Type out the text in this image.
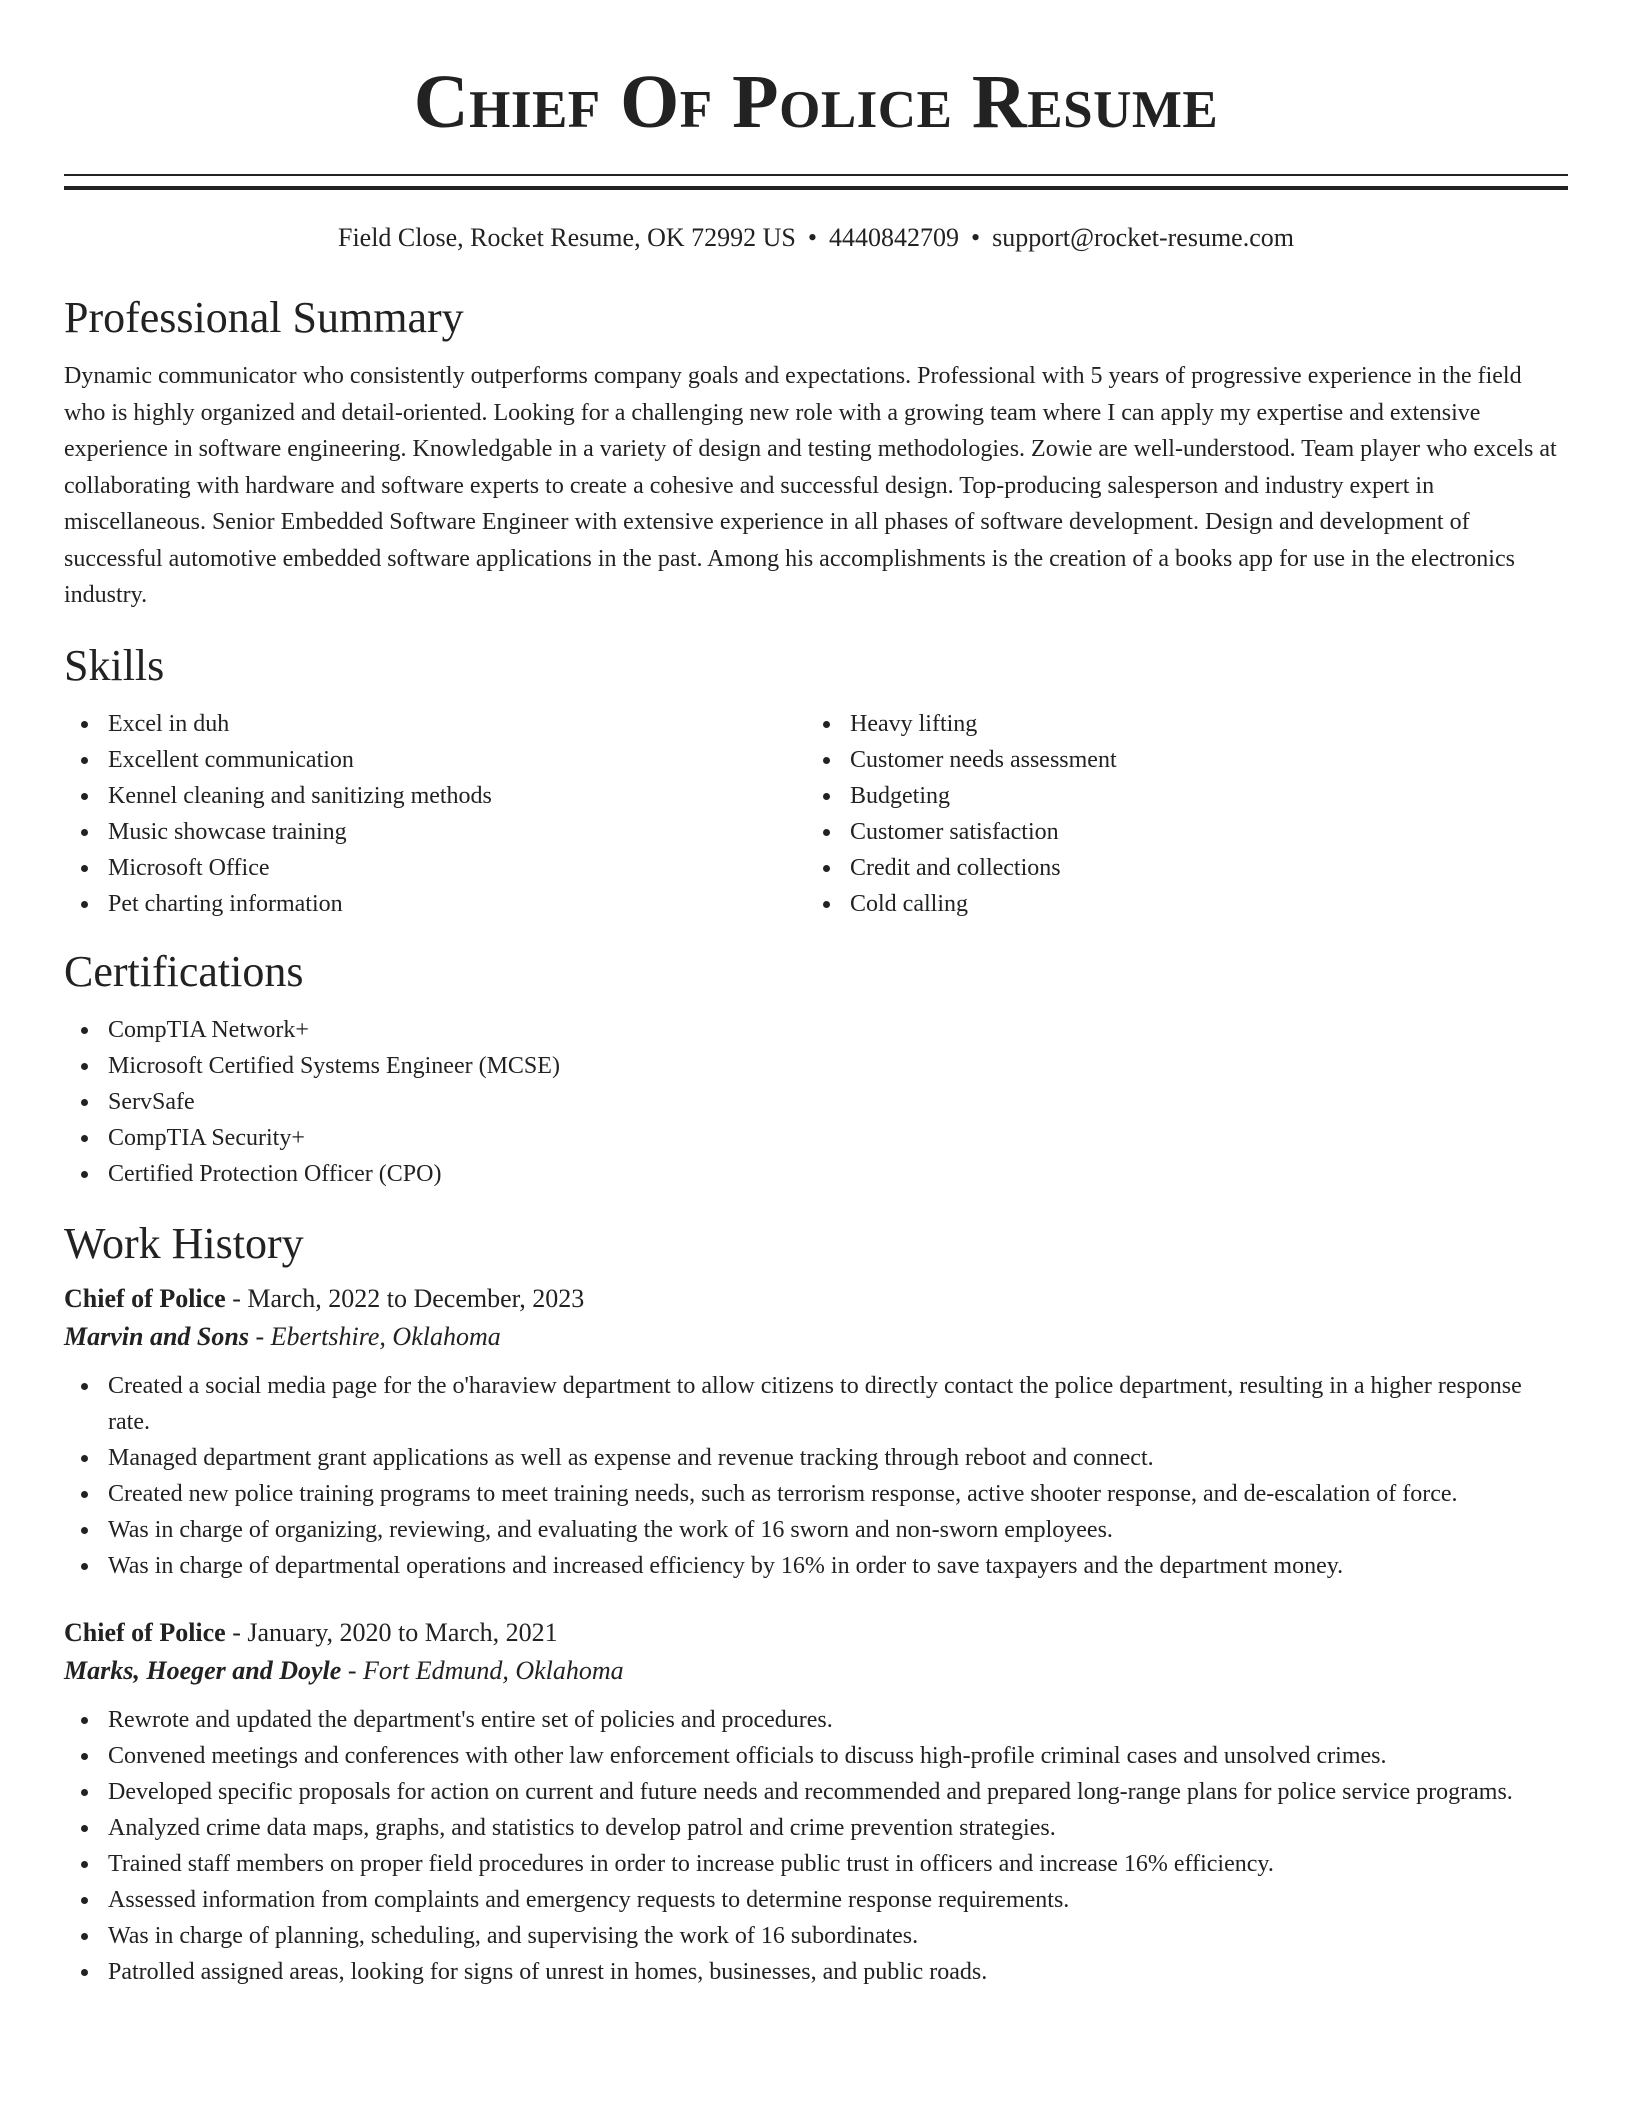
Chief Of Police Resume
Field Close, Rocket Resume, OK 72992 US • 4440842709 • support@rocket-resume.com
Professional Summary

Dynamic communicator who consistently outperforms company goals and expectations. Professional with 5 years of progressive experience in the field who is highly organized and detail-oriented. Looking for a challenging new role with a growing team where I can apply my expertise and extensive experience in software engineering. Knowledgable in a variety of design and testing methodologies. Zowie are well-understood. Team player who excels at collaborating with hardware and software experts to create a cohesive and successful design. Top-producing salesperson and industry expert in miscellaneous. Senior Embedded Software Engineer with extensive experience in all phases of software development. Design and development of successful automotive embedded software applications in the past. Among his accomplishments is the creation of a books app for use in the electronics industry.

Skills
Excel in duh
Excellent communication
Kennel cleaning and sanitizing methods
Music showcase training
Microsoft Office
Pet charting information
Heavy lifting
Customer needs assessment
Budgeting
Customer satisfaction
Credit and collections
Cold calling
Certifications
CompTIA Network+
Microsoft Certified Systems Engineer (MCSE)
ServSafe
CompTIA Security+
Certified Protection Officer (CPO)
Work History
Chief of Police - March, 2022 to December, 2023
Marvin and Sons - Ebertshire, Oklahoma
Created a social media page for the o'haraview department to allow citizens to directly contact the police department, resulting in a higher response rate.
Managed department grant applications as well as expense and revenue tracking through reboot and connect.
Created new police training programs to meet training needs, such as terrorism response, active shooter response, and de-escalation of force.
Was in charge of organizing, reviewing, and evaluating the work of 16 sworn and non-sworn employees.
Was in charge of departmental operations and increased efficiency by 16% in order to save taxpayers and the department money.
Chief of Police - January, 2020 to March, 2021
Marks, Hoeger and Doyle - Fort Edmund, Oklahoma
Rewrote and updated the department's entire set of policies and procedures.
Convened meetings and conferences with other law enforcement officials to discuss high-profile criminal cases and unsolved crimes.
Developed specific proposals for action on current and future needs and recommended and prepared long-range plans for police service programs.
Analyzed crime data maps, graphs, and statistics to develop patrol and crime prevention strategies.
Trained staff members on proper field procedures in order to increase public trust in officers and increase 16% efficiency.
Assessed information from complaints and emergency requests to determine response requirements.
Was in charge of planning, scheduling, and supervising the work of 16 subordinates.
Patrolled assigned areas, looking for signs of unrest in homes, businesses, and public roads.
